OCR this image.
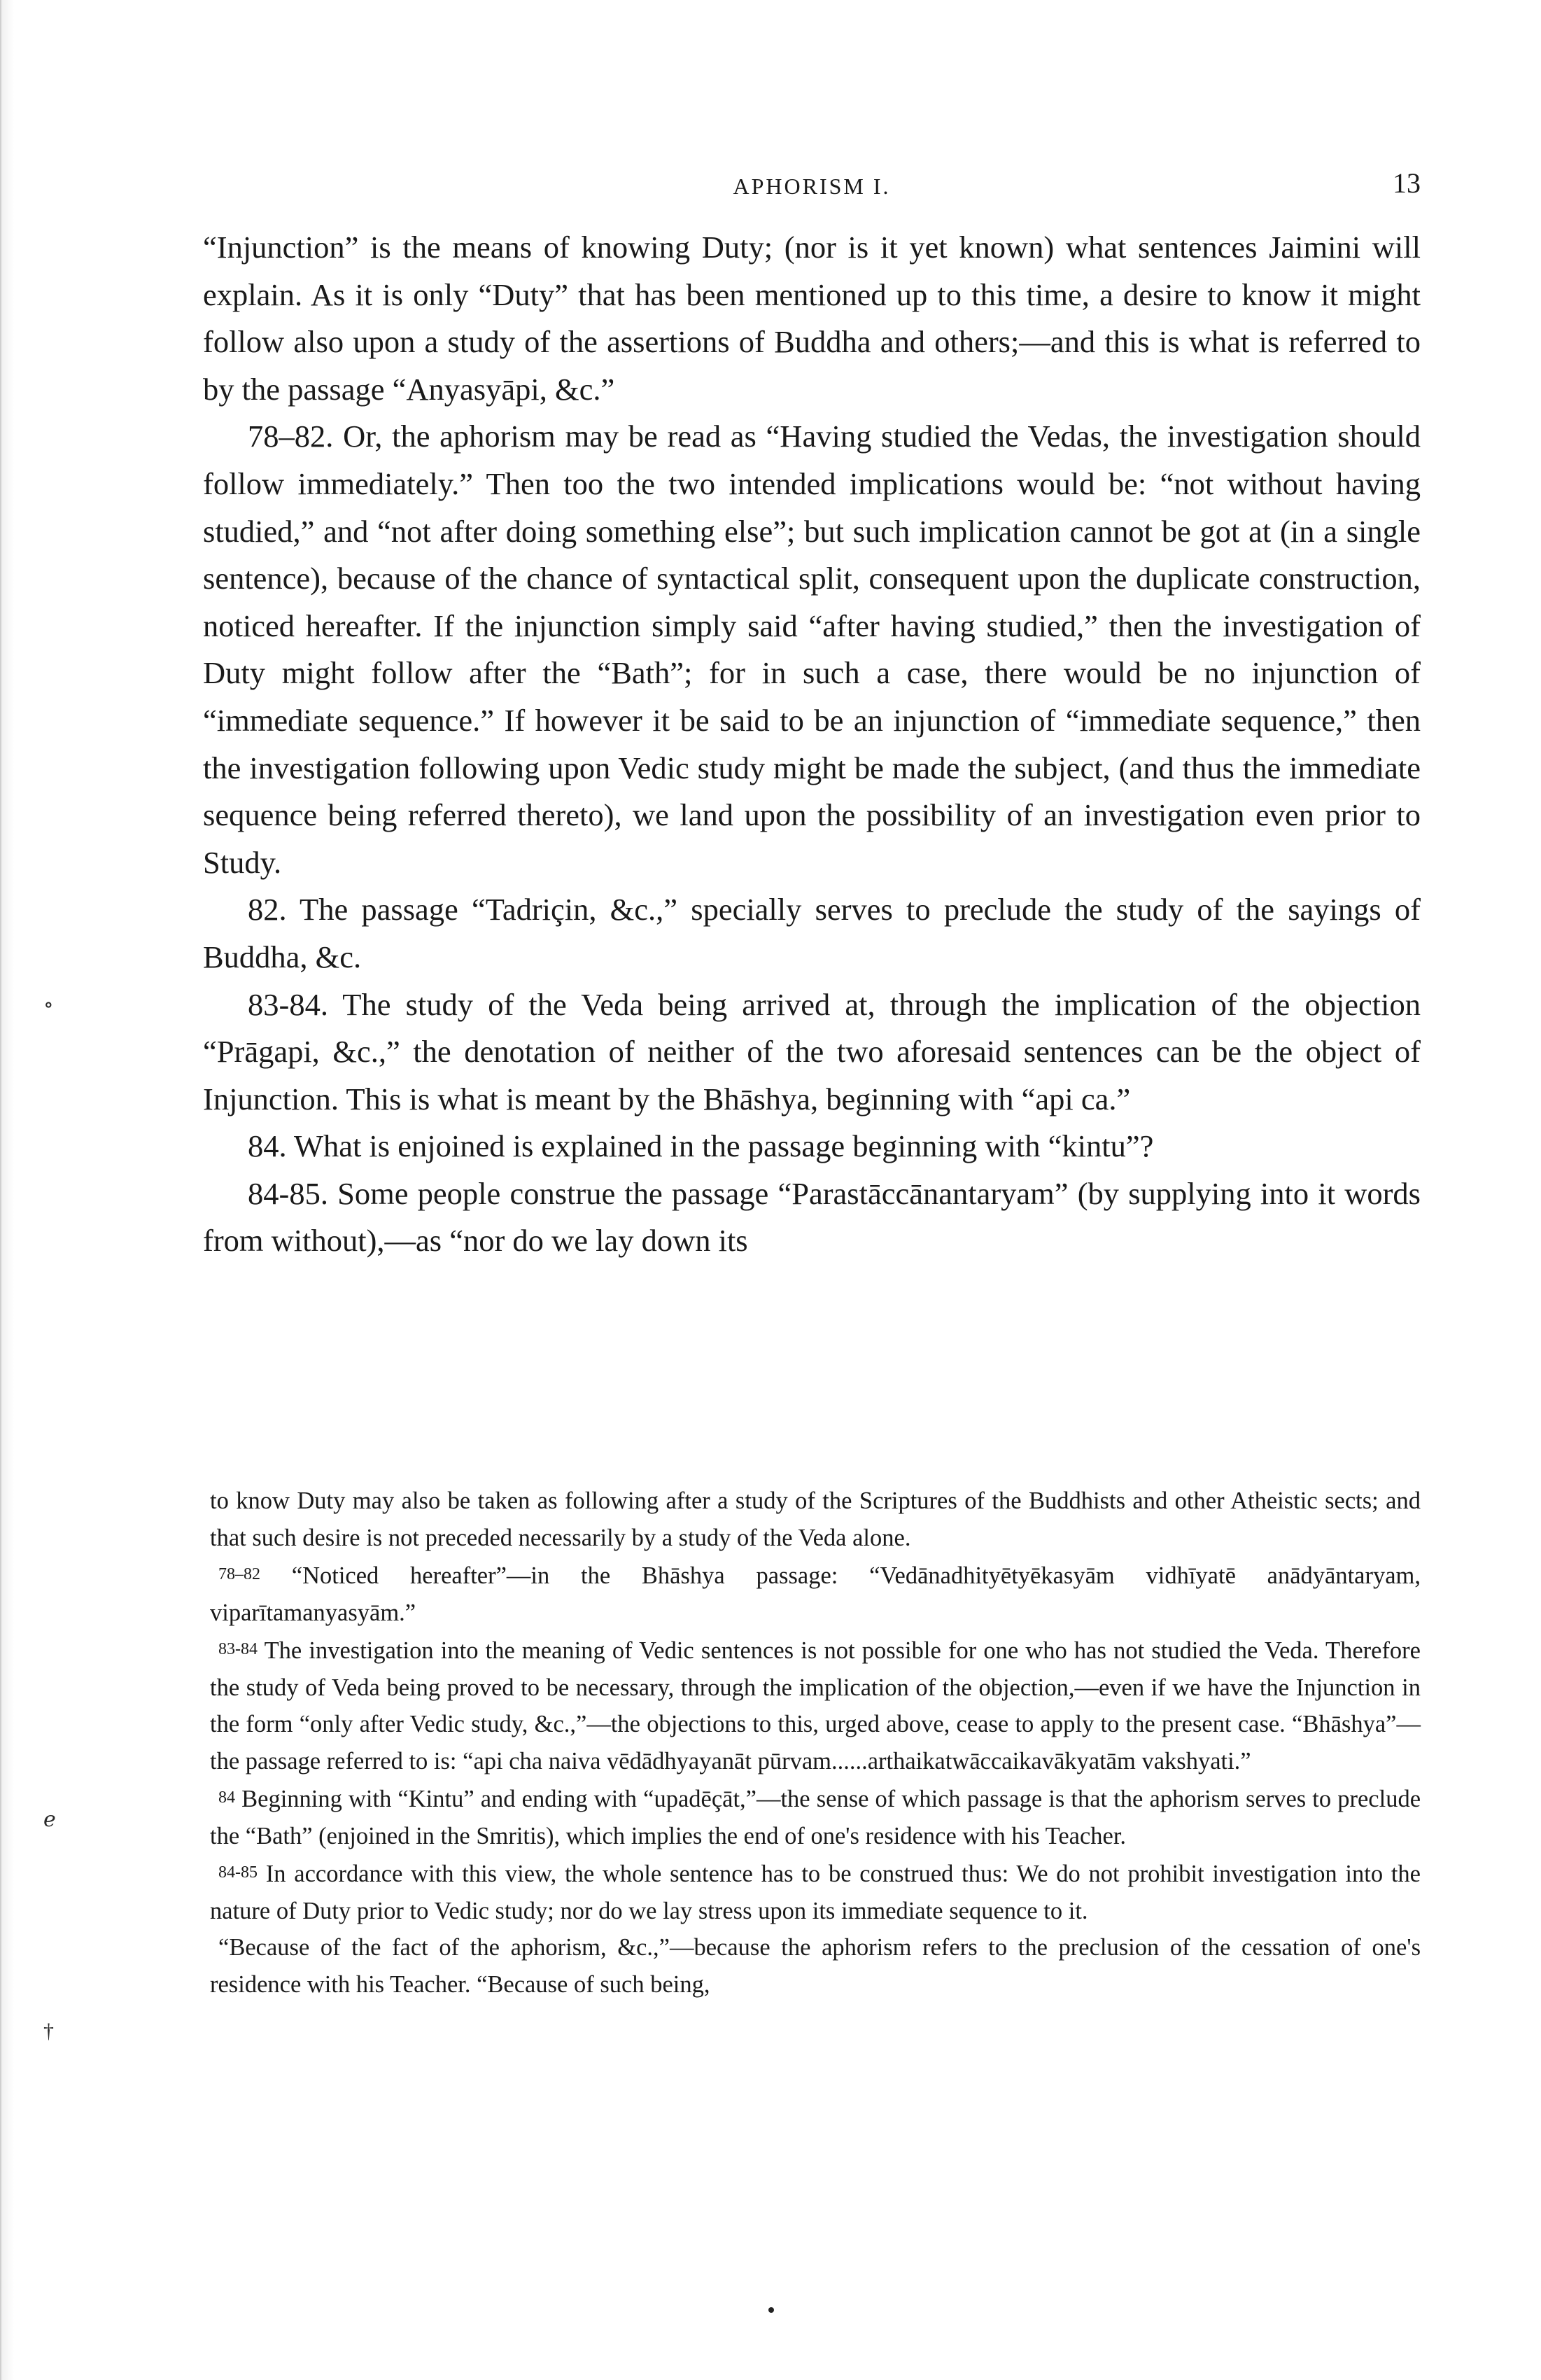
∘
ℯ
†
APHORISM I.	13

“Injunction” is the means of knowing Duty; (nor is it yet known) what sentences Jaimini will explain. As it is only “Duty” that has been mentioned up to this time, a desire to know it might follow also upon a study of the assertions of Buddha and others;—and this is what is referred to by the passage “Anyasyāpi, &c.”

78–82. Or, the aphorism may be read as “Having studied the Vedas, the investigation should follow immediately.” Then too the two intended implications would be: “not without having studied,” and “not after doing something else”; but such implication cannot be got at (in a single sentence), because of the chance of syntactical split, consequent upon the duplicate construction, noticed hereafter. If the injunction simply said “after having studied,” then the investigation of Duty might follow after the “Bath”; for in such a case, there would be no injunction of “immediate sequence.” If however it be said to be an injunction of “immediate sequence,” then the investigation following upon Vedic study might be made the subject, (and thus the immediate sequence being referred thereto), we land upon the possibility of an investigation even prior to Study.

82. The passage “Tadriçin, &c.,” specially serves to preclude the study of the sayings of Buddha, &c.

83-84. The study of the Veda being arrived at, through the implication of the objection “Prāgapi, &c.,” the denotation of neither of the two aforesaid sentences can be the object of Injunction. This is what is meant by the Bhāshya, beginning with “api ca.”

84. What is enjoined is explained in the passage beginning with “kintu”?

84-85. Some people construe the passage “Parastāccānantaryam” (by supplying into it words from without),—as “nor do we lay down its

to know Duty may also be taken as following after a study of the Scriptures of the Buddhists and other Atheistic sects; and that such desire is not preceded necessarily by a study of the Veda alone.

78–82 “Noticed hereafter”—in the Bhāshya passage: “Vedānadhityētyēkasyām vidhīyatē anādyāntaryam, viparītamanyasyām.”

83-84 The investigation into the meaning of Vedic sentences is not possible for one who has not studied the Veda. Therefore the study of Veda being proved to be necessary, through the implication of the objection,—even if we have the Injunction in the form “only after Vedic study, &c.,”—the objections to this, urged above, cease to apply to the present case. “Bhāshya”—the passage referred to is: “api cha naiva vēdādhyayanāt pūrvam......arthaikatwāccaikavākyatām vakshyati.”

84 Beginning with “Kintu” and ending with “upadēçāt,”—the sense of which passage is that the aphorism serves to preclude the “Bath” (enjoined in the Smritis), which implies the end of one's residence with his Teacher.

84-85 In accordance with this view, the whole sentence has to be construed thus: We do not prohibit investigation into the nature of Duty prior to Vedic study; nor do we lay stress upon its immediate sequence to it.

“Because of the fact of the aphorism, &c.,”—because the aphorism refers to the preclusion of the cessation of one's residence with his Teacher. “Because of such being,
